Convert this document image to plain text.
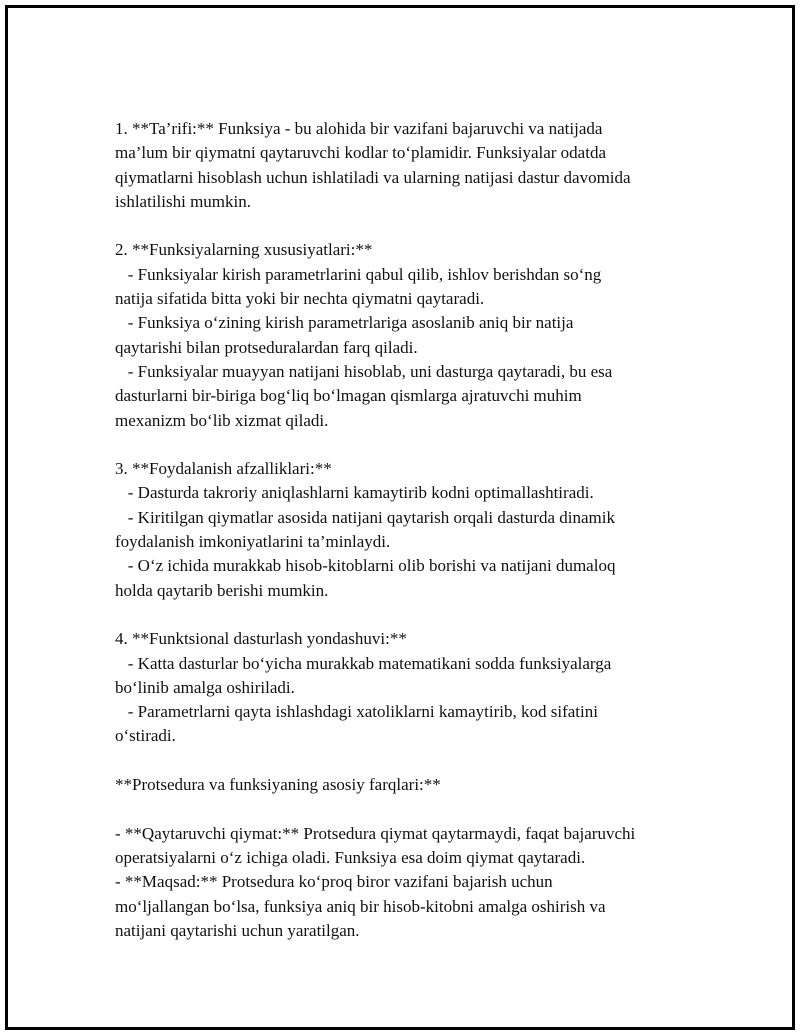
1. **Ta’rifi:** Funksiya - bu alohida bir vazifani bajaruvchi va natijada
ma’lum bir qiymatni qaytaruvchi kodlar to‘plamidir. Funksiyalar odatda
qiymatlarni hisoblash uchun ishlatiladi va ularning natijasi dastur davomida
ishlatilishi mumkin.
2. **Funksiyalarning xususiyatlari:**
- Funksiyalar kirish parametrlarini qabul qilib, ishlov berishdan so‘ng
natija sifatida bitta yoki bir nechta qiymatni qaytaradi.
- Funksiya o‘zining kirish parametrlariga asoslanib aniq bir natija
qaytarishi bilan protseduralardan farq qiladi.
- Funksiyalar muayyan natijani hisoblab, uni dasturga qaytaradi, bu esa
dasturlarni bir-biriga bog‘liq bo‘lmagan qismlarga ajratuvchi muhim
mexanizm bo‘lib xizmat qiladi.
3. **Foydalanish afzalliklari:**
- Dasturda takroriy aniqlashlarni kamaytirib kodni optimallashtiradi.
- Kiritilgan qiymatlar asosida natijani qaytarish orqali dasturda dinamik
foydalanish imkoniyatlarini ta’minlaydi.
- O‘z ichida murakkab hisob-kitoblarni olib borishi va natijani dumaloq
holda qaytarib berishi mumkin.
4. **Funktsional dasturlash yondashuvi:**
- Katta dasturlar bo‘yicha murakkab matematikani sodda funksiyalarga
bo‘linib amalga oshiriladi.
- Parametrlarni qayta ishlashdagi xatoliklarni kamaytirib, kod sifatini
o‘stiradi.
**Protsedura va funksiyaning asosiy farqlari:**
- **Qaytaruvchi qiymat:** Protsedura qiymat qaytarmaydi, faqat bajaruvchi
operatsiyalarni o‘z ichiga oladi. Funksiya esa doim qiymat qaytaradi.
- **Maqsad:** Protsedura ko‘proq biror vazifani bajarish uchun
mo‘ljallangan bo‘lsa, funksiya aniq bir hisob-kitobni amalga oshirish va
natijani qaytarishi uchun yaratilgan.
